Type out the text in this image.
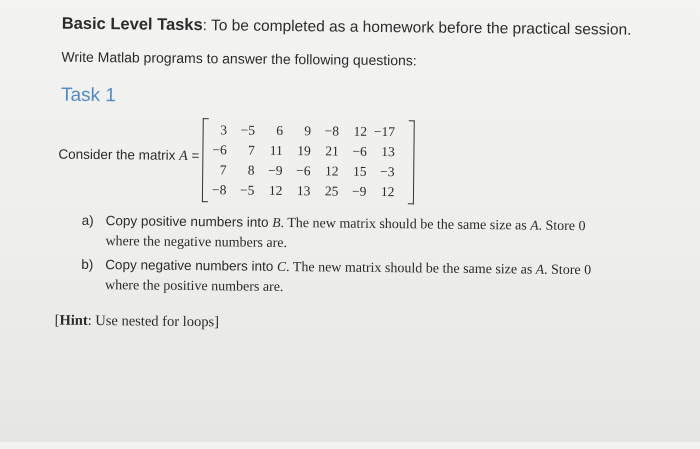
Basic Level Tasks: To be completed as a homework before the practical session.
Write Matlab programs to answer the following questions:
Task 1
Consider the matrix A =
3	−5	6	9	−8	12	−17
−6	7	11	19	21	−6	13
7	8	−9	−6	12	15	−3
−8	−5	12	13	25	−9	12
a) Copy positive numbers into B. The new matrix should be the same size as A. Store 0
where the negative numbers are.
b) Copy negative numbers into C. The new matrix should be the same size as A. Store 0
where the positive numbers are.
[Hint: Use nested for loops]
